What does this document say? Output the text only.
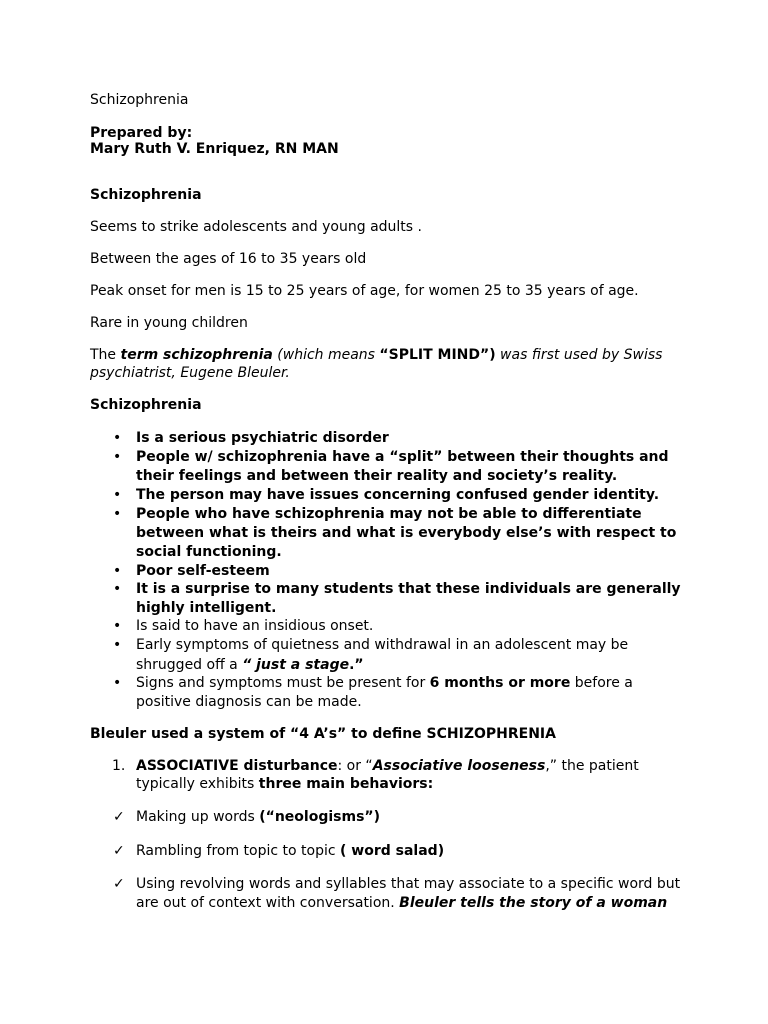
Schizophrenia
Prepared by:
Mary Ruth V. Enriquez, RN MAN
Schizophrenia
Seems to strike adolescents and young adults .
Between the ages of 16 to 35 years old
Peak onset for men is 15 to 25 years of age, for women 25 to 35 years of age.
Rare in young children
The term schizophrenia (which means “SPLIT MIND”) was first used by Swiss
psychiatrist, Eugene Bleuler.
Schizophrenia
• Is a serious psychiatric disorder
• People w/ schizophrenia have a “split” between their thoughts and
their feelings and between their reality and society’s reality.
• The person may have issues concerning confused gender identity.
• People who have schizophrenia may not be able to differentiate
between what is theirs and what is everybody else’s with respect to
social functioning.
• Poor self-esteem
• It is a surprise to many students that these individuals are generally
highly intelligent.
• Is said to have an insidious onset.
• Early symptoms of quietness and withdrawal in an adolescent may be
shrugged off a “ just a stage.”
• Signs and symptoms must be present for 6 months or more before a
positive diagnosis can be made.
Bleuler used a system of “4 A’s” to define SCHIZOPHRENIA
1. ASSOCIATIVE disturbance: or “Associative looseness,” the patient
typically exhibits three main behaviors:
✓ Making up words (“neologisms”)
✓ Rambling from topic to topic ( word salad)
✓ Using revolving words and syllables that may associate to a specific word but
are out of context with conversation. Bleuler tells the story of a woman
